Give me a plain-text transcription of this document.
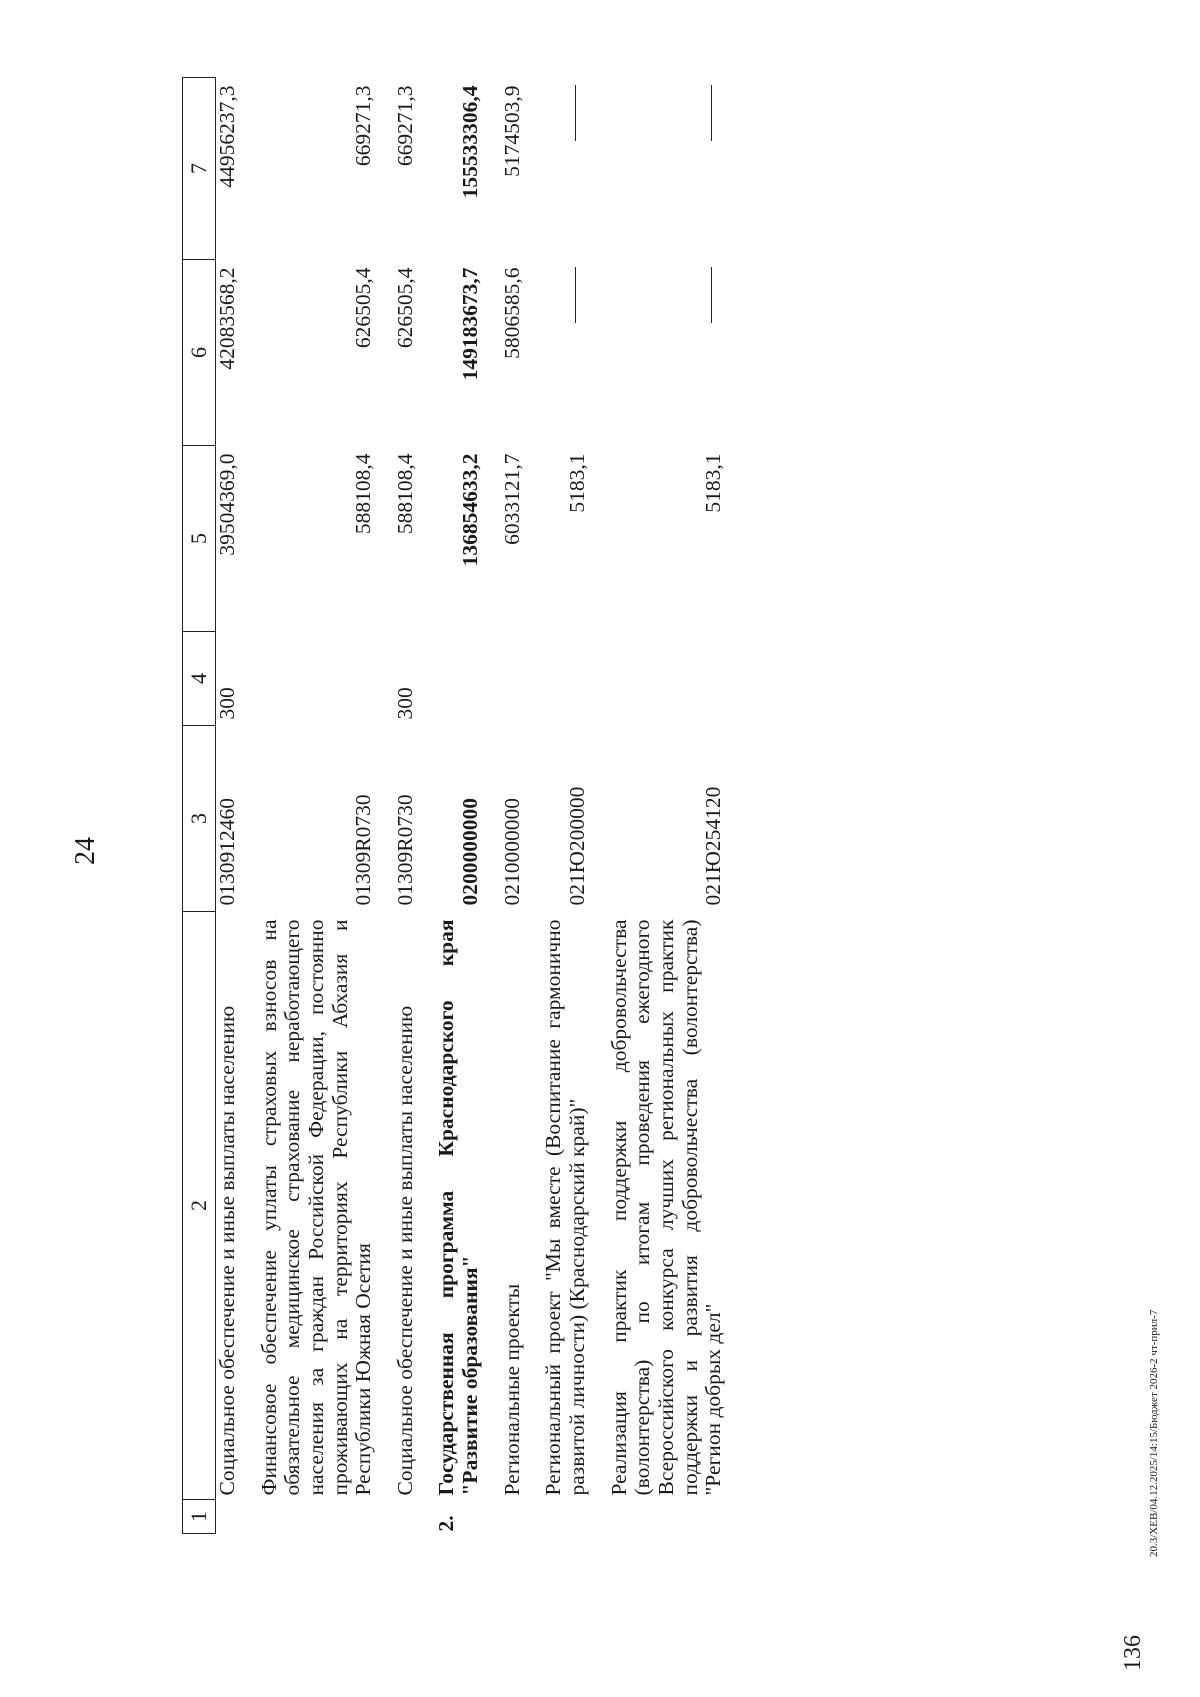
24
1	2	3	4	5	6	7
	Социальное обеспечение и иные выплаты населению	0130912460	300	39504369,0	42083568,2	44956237,3

	Финансовое обеспечение уплаты страховых взносов на обязательное медицинское страхование неработающего населения за граждан Российской Федерации, постоянно проживающих на территориях Республики Абхазия и Республики Южная Осетия	01309R0730		588108,4	626505,4	669271,3

	Социальное обеспечение и иные выплаты населению	01309R0730	300	588108,4	626505,4	669271,3

2.	Государственная программа Краснодарского края "Развитие образования"	0200000000		136854633,2	149183673,7	155533306,4

	Региональные проекты	0210000000		6033121,7	5806585,6	5174503,9

	Региональный проект "Мы вместе (Воспитание гармонично развитой личности) (Краснодарский край)"	021Ю200000		5183,1		

	Реализация практик поддержки добровольчества (волонтерства) по итогам проведения ежегодного Всероссийского конкурса лучших региональных практик поддержки и развития добровольчества (волонтерства) "Регион добрых дел"	021Ю254120		5183,1		
136
20.3/ХЕВ/04.12.2025/14:15/Бюджет 2026-2 чт-прил-7
